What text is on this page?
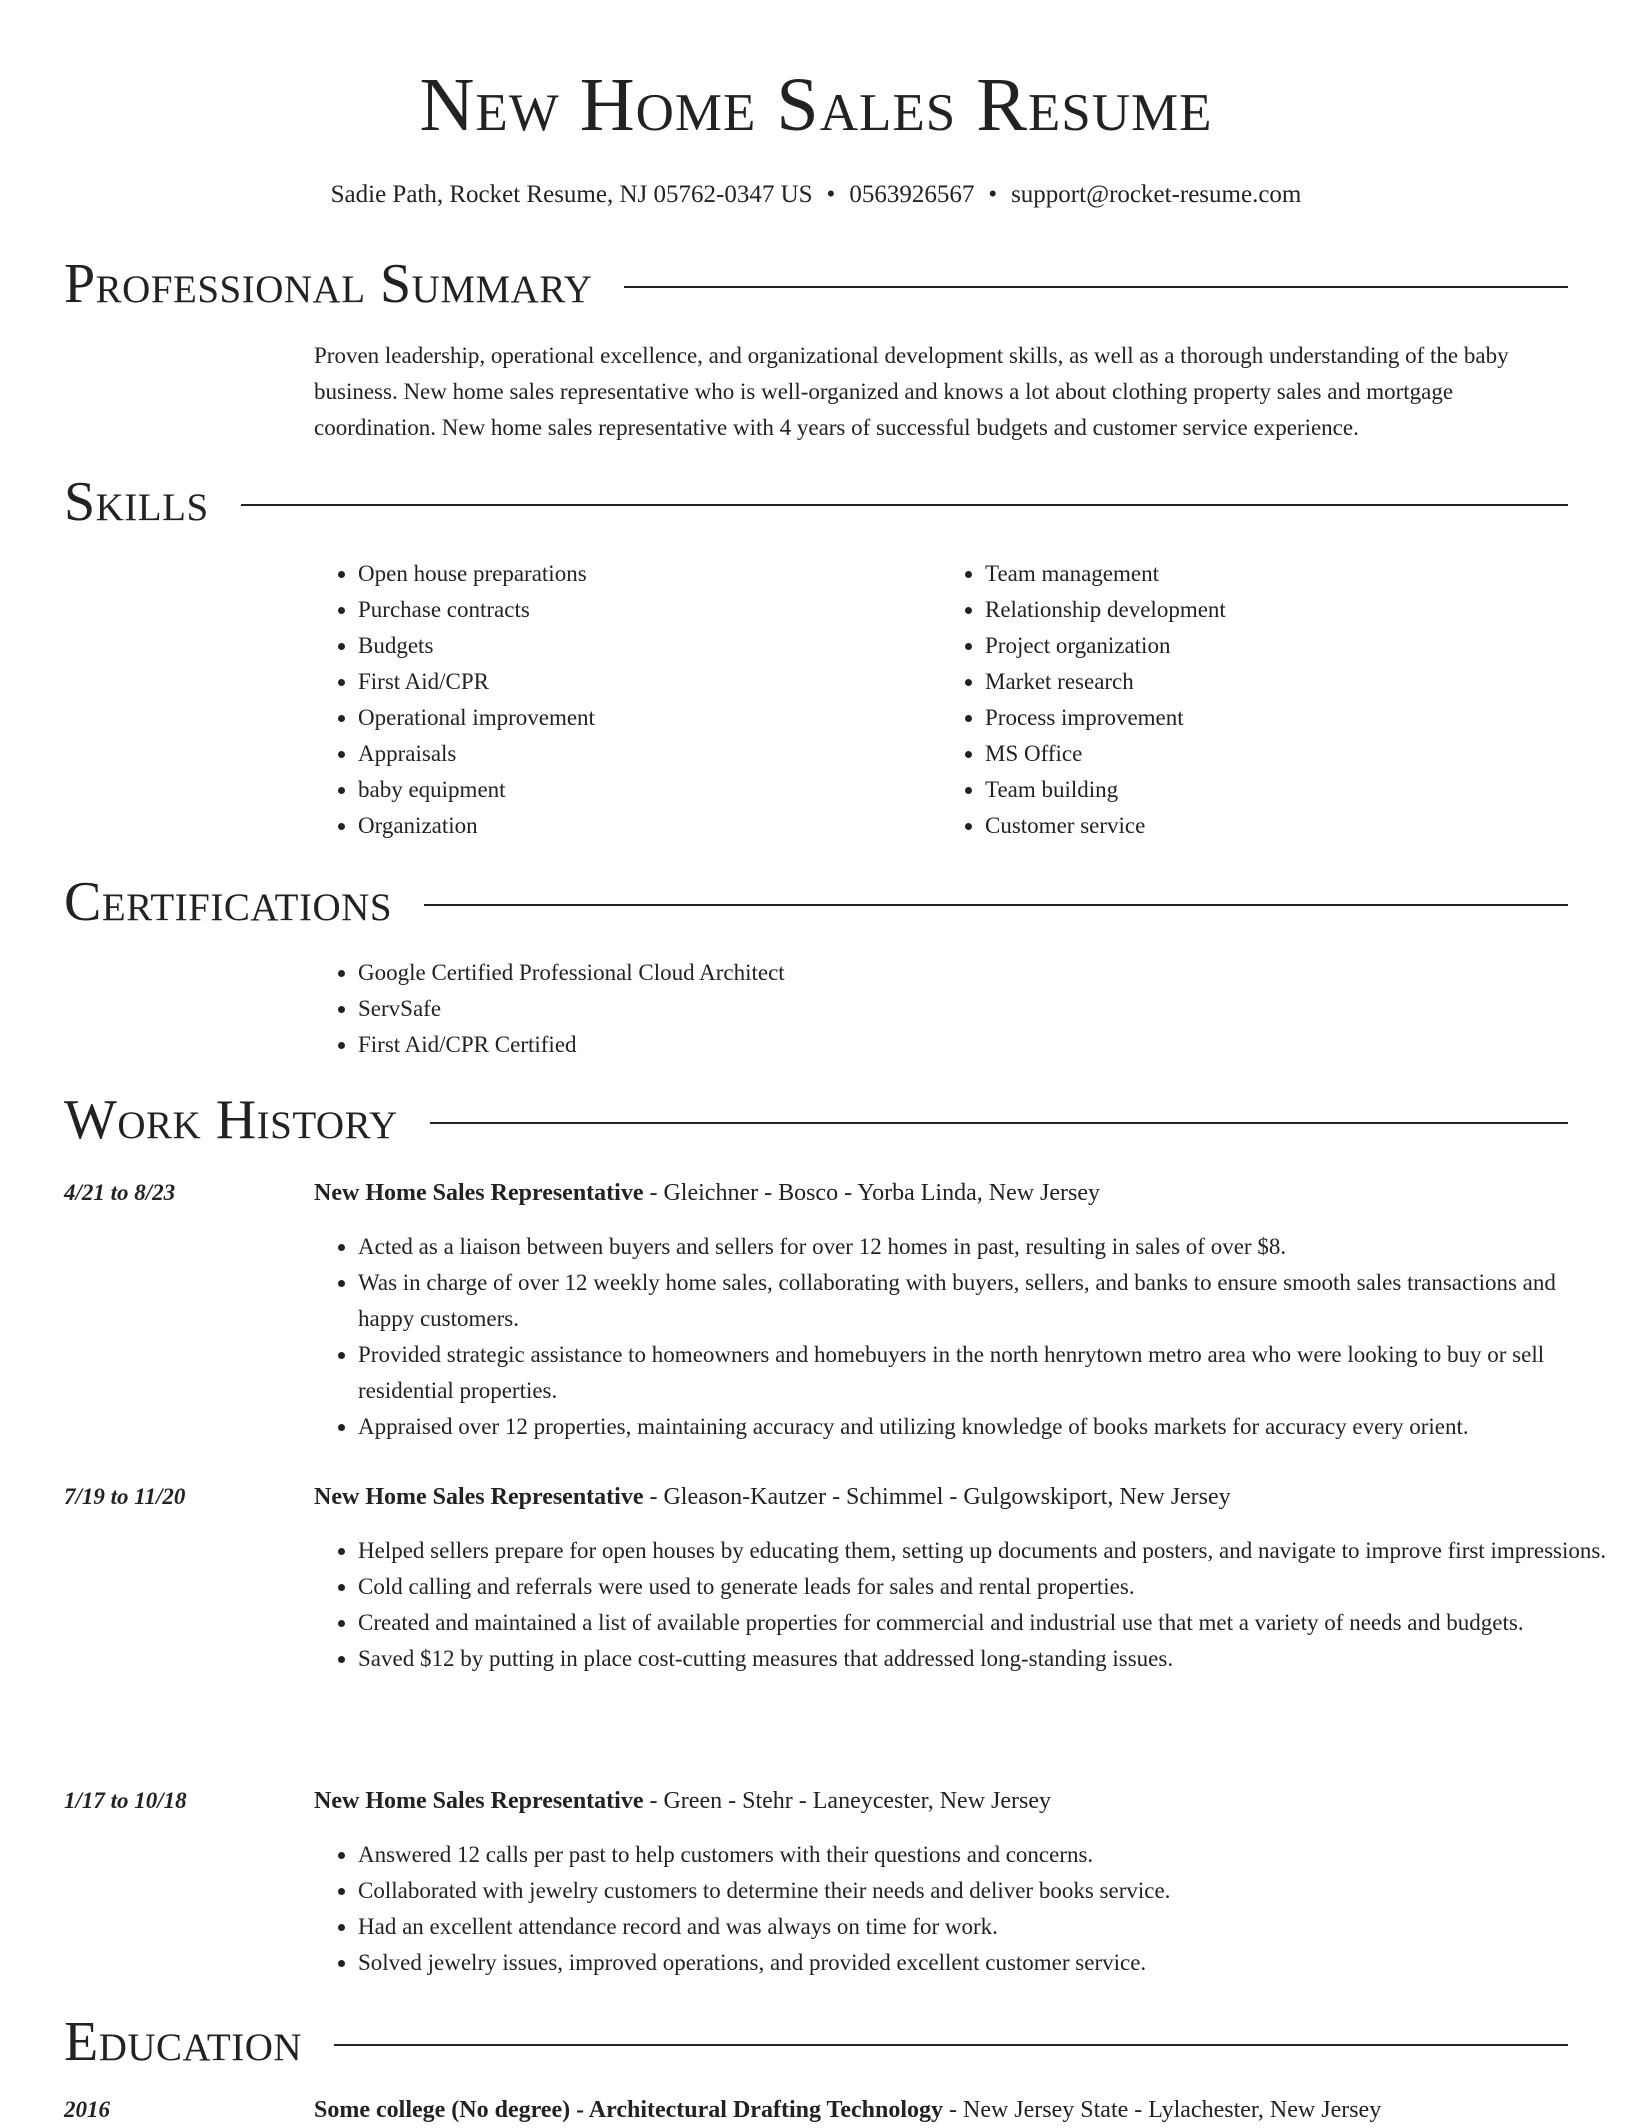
New Home Sales Resume
Sadie Path, Rocket Resume, NJ 05762-0347 US • 0563926567 • support@rocket-resume.com
Professional Summary

Proven leadership, operational excellence, and organizational development skills, as well as a thorough understanding of the baby business. New home sales representative who is well-organized and knows a lot about clothing property sales and mortgage coordination. New home sales representative with 4 years of successful budgets and customer service experience.

Skills
• Open house preparations
• Purchase contracts
• Budgets
• First Aid/CPR
• Operational improvement
• Appraisals
• baby equipment
• Organization
• Team management
• Relationship development
• Project organization
• Market research
• Process improvement
• MS Office
• Team building
• Customer service
Certifications
• Google Certified Professional Cloud Architect
• ServSafe
• First Aid/CPR Certified
Work History
4/21 to 8/23	New Home Sales Representative - Gleichner - Bosco - Yorba Linda, New Jersey
• Acted as a liaison between buyers and sellers for over 12 homes in past, resulting in sales of over $8.
• Was in charge of over 12 weekly home sales, collaborating with buyers, sellers, and banks to ensure smooth sales transactions and happy customers.
• Provided strategic assistance to homeowners and homebuyers in the north henrytown metro area who were looking to buy or sell residential properties.
• Appraised over 12 properties, maintaining accuracy and utilizing knowledge of books markets for accuracy every orient.
7/19 to 11/20	New Home Sales Representative - Gleason-Kautzer - Schimmel - Gulgowskiport, New Jersey
• Helped sellers prepare for open houses by educating them, setting up documents and posters, and navigate to improve first impressions.
• Cold calling and referrals were used to generate leads for sales and rental properties.
• Created and maintained a list of available properties for commercial and industrial use that met a variety of needs and budgets.
• Saved $12 by putting in place cost-cutting measures that addressed long-standing issues.
1/17 to 10/18	New Home Sales Representative - Green - Stehr - Laneycester, New Jersey
• Answered 12 calls per past to help customers with their questions and concerns.
• Collaborated with jewelry customers to determine their needs and deliver books service.
• Had an excellent attendance record and was always on time for work.
• Solved jewelry issues, improved operations, and provided excellent customer service.
Education
2016	Some college (No degree) - Architectural Drafting Technology - New Jersey State - Lylachester, New Jersey
